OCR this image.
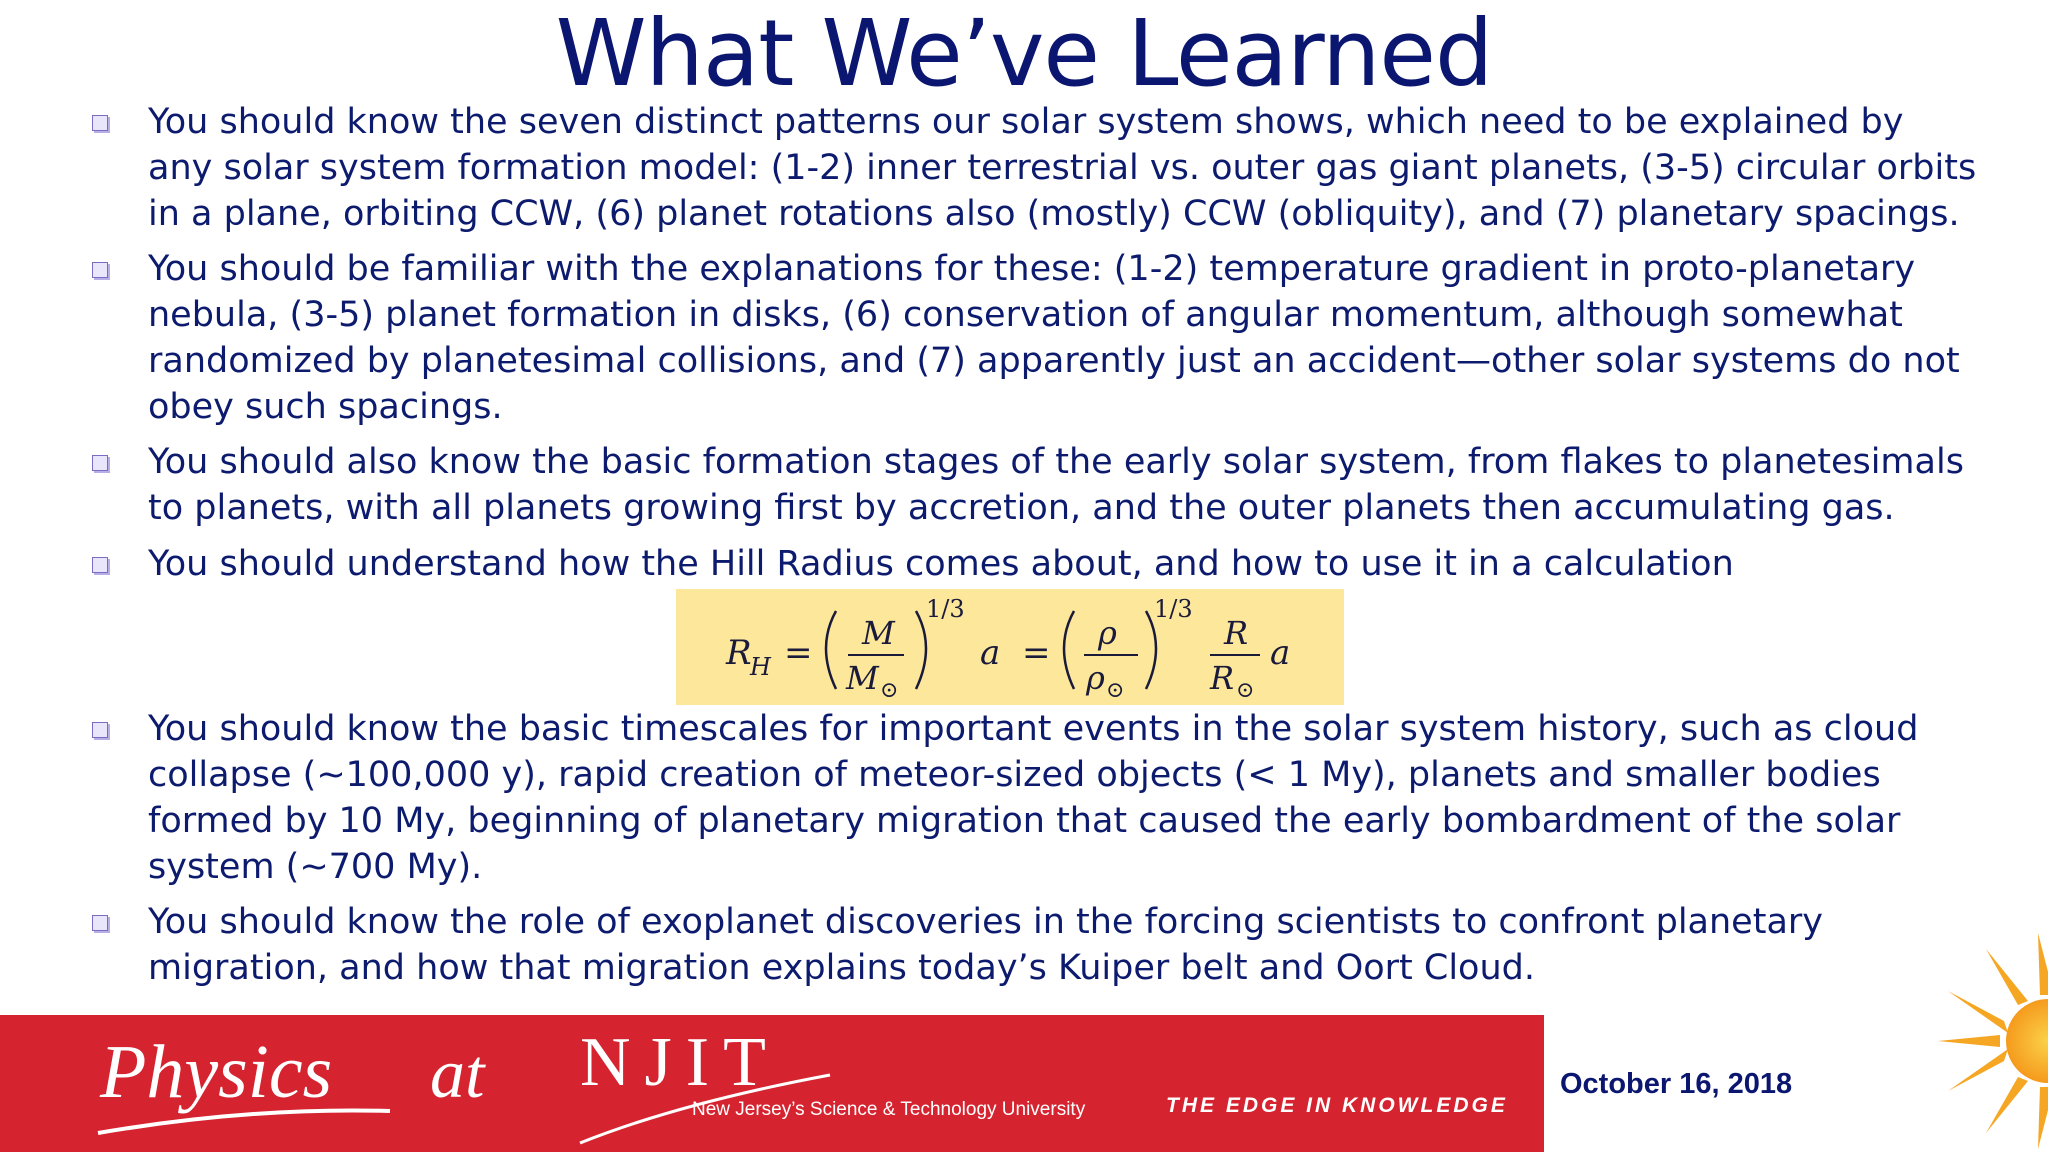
What We’ve Learned
You should know the seven distinct patterns our solar system shows, which need to be explained by any solar system formation model: (1-2) inner terrestrial vs. outer gas giant planets, (3-5) circular orbits in a plane, orbiting CCW, (6) planet rotations also (mostly) CCW (obliquity), and (7) planetary spacings.
You should be familiar with the explanations for these: (1-2) temperature gradient in proto-planetary nebula, (3-5) planet formation in disks, (6) conservation of angular momentum, although somewhat randomized by planetesimal collisions, and (7) apparently just an accident—other solar systems do not obey such spacings.
You should also know the basic formation stages of the early solar system, from flakes to planetesimals to planets, with all planets growing first by accretion, and the outer planets then accumulating gas.
You should understand how the Hill Radius comes about, and how to use it in a calculation
You should know the basic timescales for important events in the solar system history, such as cloud collapse (~100,000 y), rapid creation of meteor-sized objects (< 1 My), planets and smaller bodies formed by 10 My, beginning of planetary migration that caused the early bombardment of the solar system (~700 My).
You should know the role of exoplanet discoveries in the forcing scientists to confront planetary migration, and how that migration explains today’s Kuiper belt and Oort Cloud.
R
H = M
M ⊙
1/3
a = ρ
ρ ⊙
1/3
R
R ⊙
a
Physics at NJIT
New Jersey’s Science & Technology University	THE EDGE IN KNOWLEDGE
October 16, 2018
